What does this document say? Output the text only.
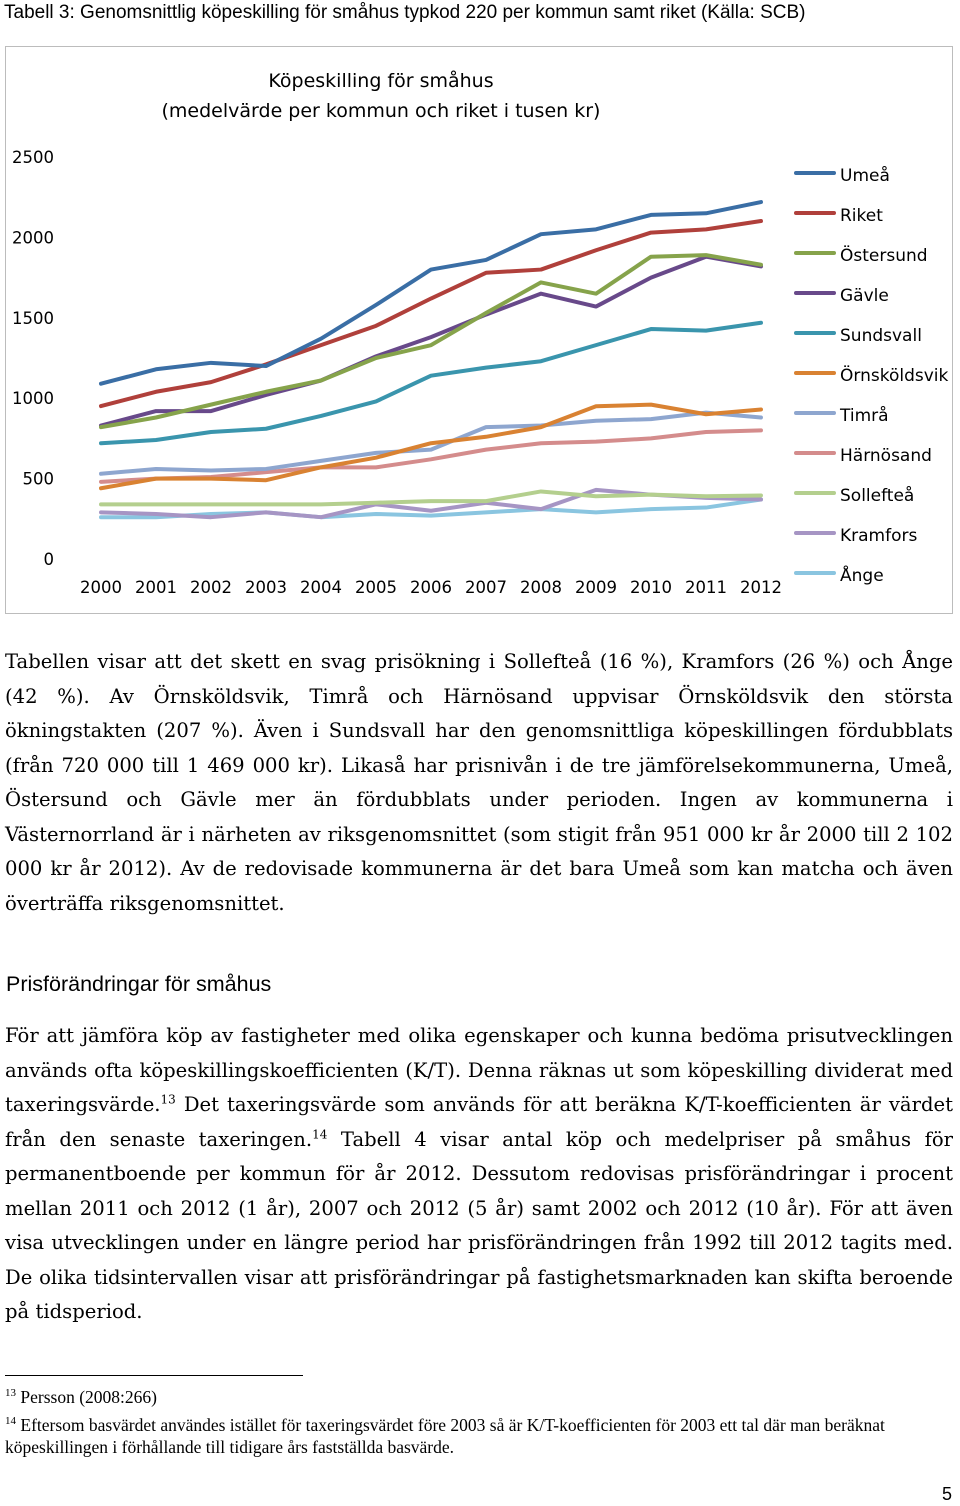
Tabell 3: Genomsnittlig köpeskilling för småhus typkod 220 per kommun samt riket (Källa: SCB)
Köpeskilling för småhus
(medelvärde per kommun och riket i tusen kr)
0
500
1000
1500
2000
2500
2000 2001 2002 2003 2004 2005 2006 2007 2008 2009 2010 2011 2012
Umeå
Riket
Östersund
Gävle
Sundsvall
Örnsköldsvik
Timrå
Härnösand
Sollefteå
Kramfors
Ånge

Tabellen visar att det skett en svag prisökning i Sollefteå (16 %), Kramfors (26 %) och Ånge (42 %). Av Örnsköldsvik, Timrå och Härnösand uppvisar Örnsköldsvik den största ökningstakten (207 %). Även i Sundsvall har den genomsnittliga köpeskillingen fördubblats (från 720 000 till 1 469 000 kr). Likaså har prisnivån i de tre jämförelsekommunerna, Umeå, Östersund och Gävle mer än fördubblats under perioden. Ingen av kommunerna i Västernorrland är i närheten av riksgenomsnittet (som stigit från 951 000 kr år 2000 till 2 102 000 kr år 2012). Av de redovisade kommunerna är det bara Umeå som kan matcha och även överträffa riksgenomsnittet.

Prisförändringar för småhus

För att jämföra köp av fastigheter med olika egenskaper och kunna bedöma prisutvecklingen används ofta köpeskillingskoefficienten (K/T). Denna räknas ut som köpeskilling dividerat med taxeringsvärde.$^{13}$ Det taxeringsvärde som används för att beräkna K/T-koefficienten är värdet från den senaste taxeringen.$^{14}$ Tabell 4 visar antal köp och medelpriser på småhus för permanentboende per kommun för år 2012. Dessutom redovisas prisförändringar i procent mellan 2011 och 2012 (1 år), 2007 och 2012 (5 år) samt 2002 och 2012 (10 år). För att även visa utvecklingen under en längre period har prisförändringen från 1992 till 2012 tagits med. De olika tidsintervallen visar att prisförändringar på fastighetsmarknaden kan skifta beroende på tidsperiod.

$^{13}$ Persson (2008:266)

$^{14}$ Eftersom basvärdet användes istället för taxeringsvärdet före 2003 så är K/T-koefficienten för 2003 ett tal där man beräknat köpeskillingen i förhållande till tidigare års fastställda basvärde.

5
